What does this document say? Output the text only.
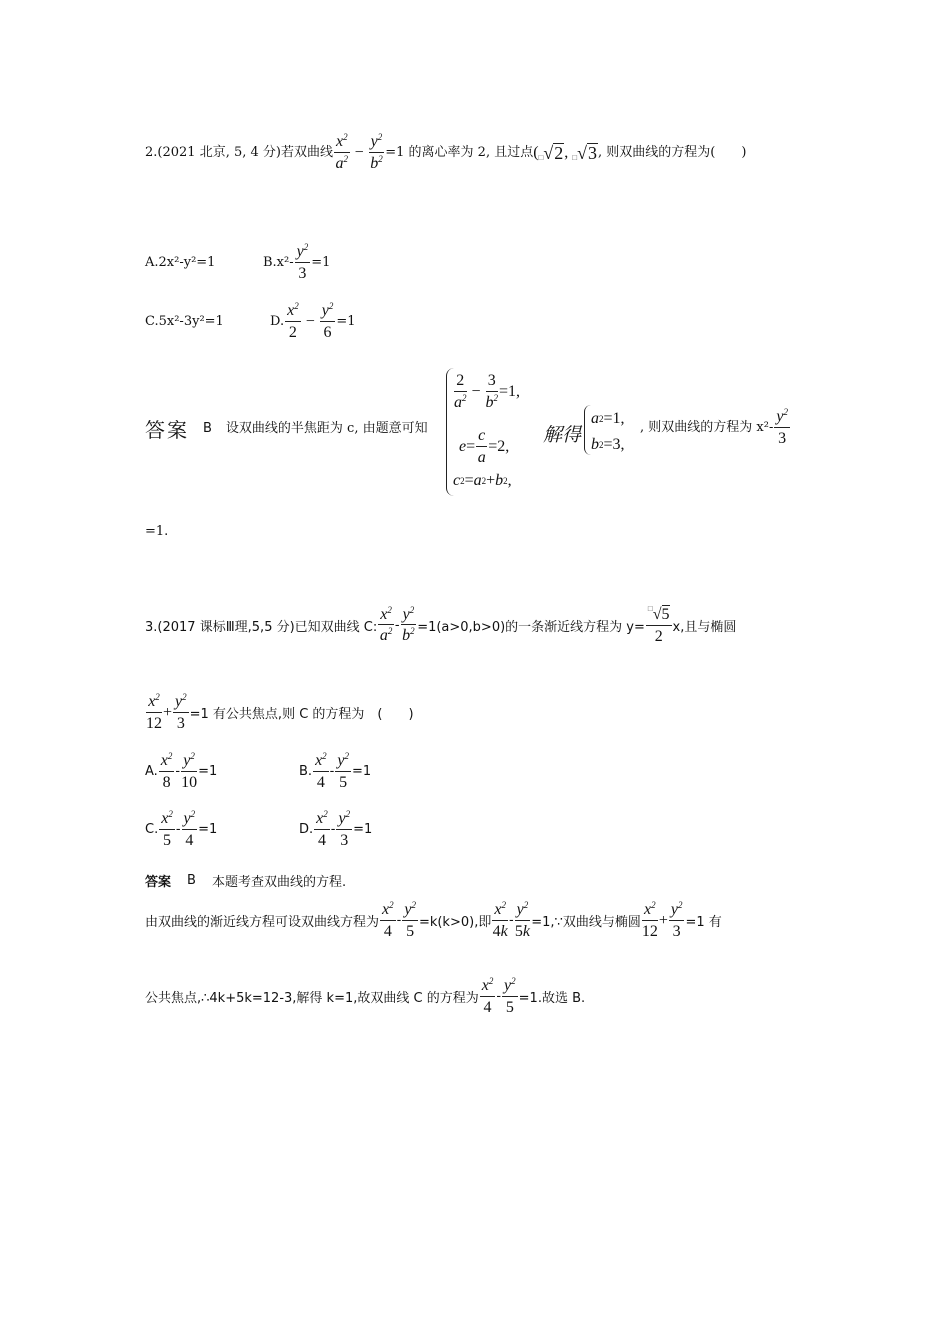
2. (2021 北京, 5, 4 分) 若双曲线 $\frac{x^2}{a^2} - \frac{y^2}{b^2} =1$ 的离心率为 2, 且过点 ( □ √ 2 , □ √ 3 , 则双曲线的方程为(　　)
A.2x²-y²=1	$B.x^2- \frac{y^2}{3} =1$
C.5x²-3y²=1	D. $\frac{x^2}{2} - \frac{y^2}{6} =1$
答案 B 设双曲线的半焦距为 c, 由题意可知
$\frac{2}{a^2} - \frac{3}{b^2} =1$,
$e = \frac{c}{a} =2$,
c 2 = a 2 + b 2 ,
解得
a 2 =1,
b 2 =3,
, 则双曲线的方程为 $x^2- \frac{y^2}{3}$
=1.
3.(2017 课标Ⅲ理,5,5 分)已知双曲线 C: $\frac{x^2}{a^2} - \frac{y^2}{b^2} =1(a>0,b>0)$的一条渐近线方程为 $y= \frac{^□√5}{2} x$,且与椭圆
$\frac{x^2}{12} + \frac{y^2}{3} =1$ 有公共焦点,则 C 的方程为　(　　)
A. $\frac{x^2}{8} - \frac{y^2}{10} =1$	B. $\frac{x^2}{4} - \frac{y^2}{5} =1$
C. $\frac{x^2}{5} - \frac{y^2}{4} =1$	D. $\frac{x^2}{4} - \frac{y^2}{3} =1$
答案 B 本题考查双曲线的方程.
由双曲线的渐近线方程可设双曲线方程为 $\frac{x^2}{4} - \frac{y^2}{5} =k(k>0)$,即 $\frac{x^2}{4k} - \frac{y^2}{5k}$ =1,∵双曲线与椭圆 $\frac{x^2}{12} + \frac{y^2}{3} =1$ 有
公共焦点,∴4k+5k=12-3,解得 k=1,故双曲线 C 的方程为 $\frac{x^2}{4} - \frac{y^2}{5} =1$.故选 B.
